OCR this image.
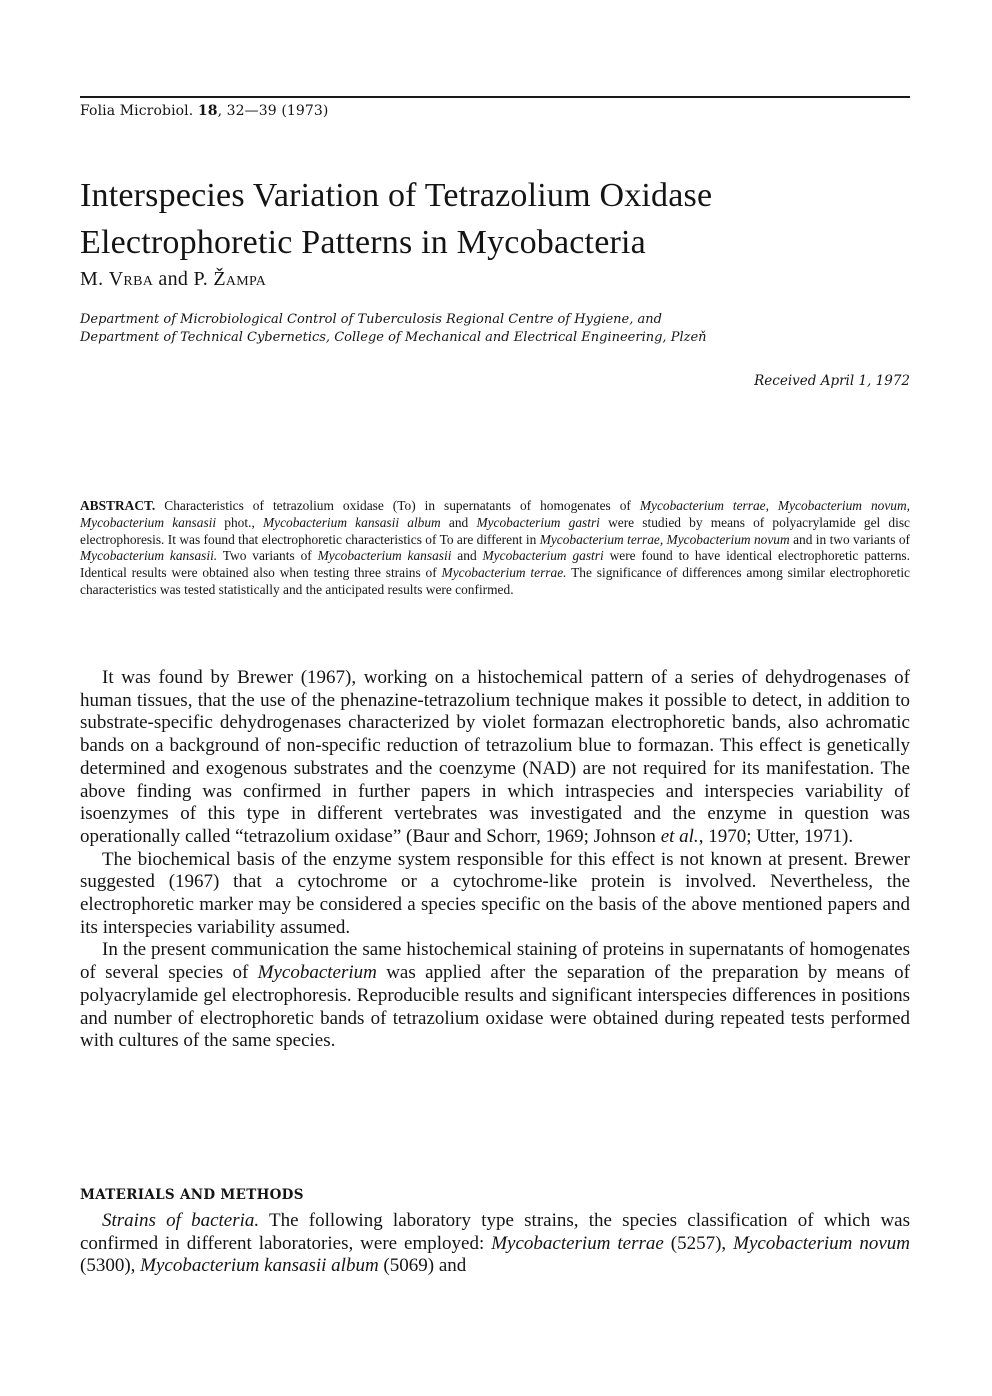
Folia Microbiol. 18, 32—39 (1973)
Interspecies Variation of Tetrazolium Oxidase
Electrophoretic Patterns in Mycobacteria
M. Vrba and P. Žampa
Department of Microbiological Control of Tuberculosis Regional Centre of Hygiene, and
Department of Technical Cybernetics, College of Mechanical and Electrical Engineering, Plzeň
Received April 1, 1972

ABSTRACT. Characteristics of tetrazolium oxidase (To) in supernatants of homogenates of Mycobacterium terrae, Mycobacterium novum, Mycobacterium kansasii phot., Mycobacterium kansasii album and Mycobacterium gastri were studied by means of polyacrylamide gel disc electrophoresis. It was found that electrophoretic characteristics of To are different in Mycobacterium terrae, Mycobacterium novum and in two variants of Mycobacterium kansasii. Two variants of Mycobacterium kansasii and Mycobacterium gastri were found to have identical electrophoretic patterns. Identical results were obtained also when testing three strains of Mycobacterium terrae. The significance of differences among similar electrophoretic characteristics was tested statistically and the anticipated results were confirmed.

It was found by Brewer (1967), working on a histochemical pattern of a series of dehydrogenases of human tissues, that the use of the phenazine-tetrazolium technique makes it possible to detect, in addition to substrate-specific dehydrogenases characterized by violet formazan electrophoretic bands, also achromatic bands on a background of non-specific reduction of tetrazolium blue to formazan. This effect is genetically determined and exogenous substrates and the coenzyme (NAD) are not required for its manifestation. The above finding was confirmed in further papers in which intraspecies and interspecies variability of isoenzymes of this type in different vertebrates was investigated and the enzyme in question was operationally called “tetrazolium oxidase” (Baur and Schorr, 1969; Johnson et al., 1970; Utter, 1971).

The biochemical basis of the enzyme system responsible for this effect is not known at present. Brewer suggested (1967) that a cytochrome or a cytochrome-like protein is involved. Nevertheless, the electrophoretic marker may be considered a species specific on the basis of the above mentioned papers and its interspecies variability assumed.

In the present communication the same histochemical staining of proteins in supernatants of homogenates of several species of Mycobacterium was applied after the separation of the preparation by means of polyacrylamide gel electrophoresis. Reproducible results and significant interspecies differences in positions and number of electrophoretic bands of tetrazolium oxidase were obtained during repeated tests performed with cultures of the same species.

MATERIALS AND METHODS

Strains of bacteria. The following laboratory type strains, the species classification of which was confirmed in different laboratories, were employed: Mycobacterium terrae (5257), Mycobacterium novum (5300), Mycobacterium kansasii album (5069) and
